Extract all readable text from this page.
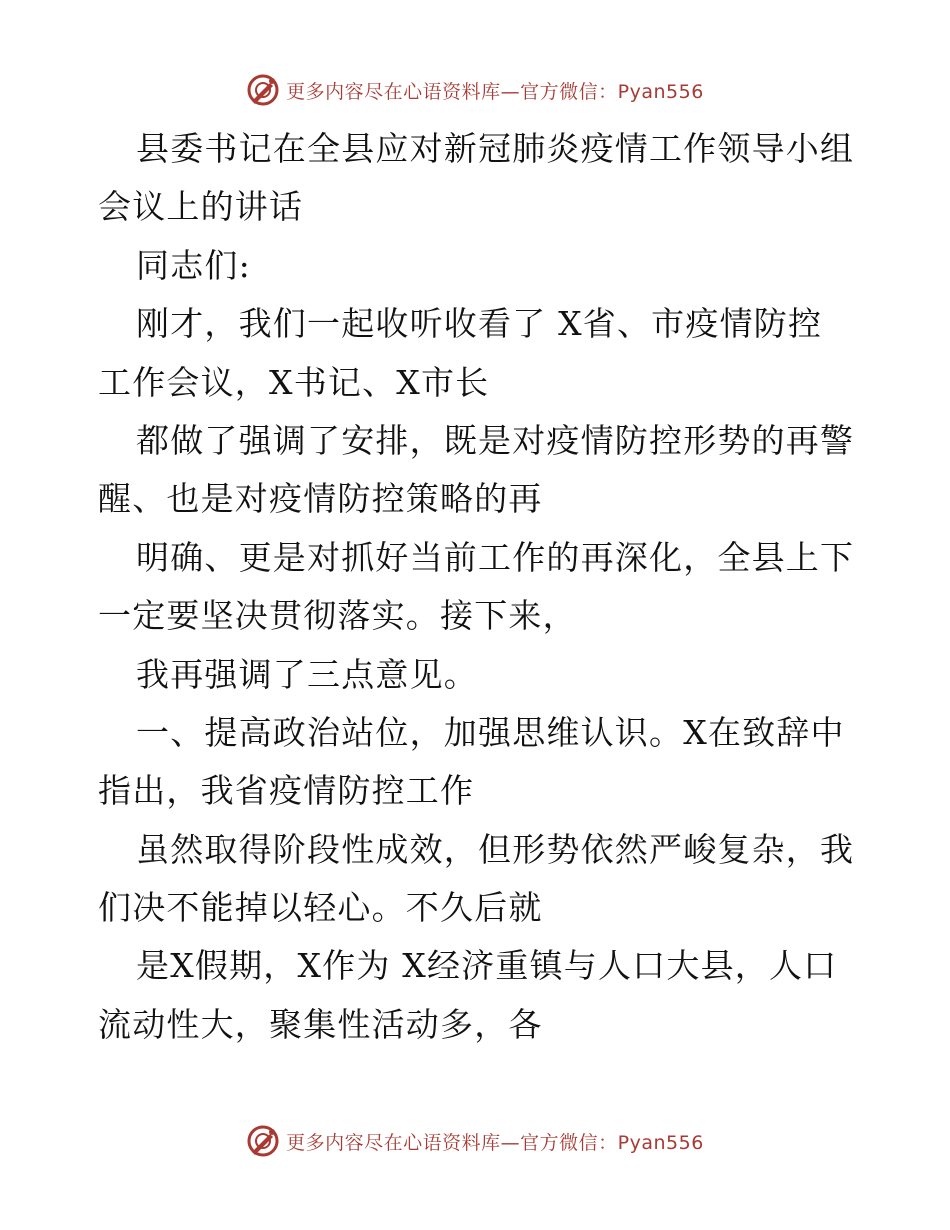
更多内容尽在心语资料库—官方微信：Pyan556
县委书记在全县应对新冠肺炎疫情工作领导小组
会议上的讲话
同志们:
刚才，我们一起收听收看了 X省、市疫情防控
工作会议，X书记、X市长
都做了强调了安排，既是对疫情防控形势的再警
醒、也是对疫情防控策略的再
明确、更是对抓好当前工作的再深化，全县上下
一定要坚决贯彻落实。接下来，
我再强调了三点意见。
一、提高政治站位，加强思维认识。X在致辞中
指出，我省疫情防控工作
虽然取得阶段性成效，但形势依然严峻复杂，我
们决不能掉以轻心。不久后就
是X假期，X作为 X经济重镇与人口大县，人口
流动性大，聚集性活动多，各
更多内容尽在心语资料库—官方微信：Pyan556
